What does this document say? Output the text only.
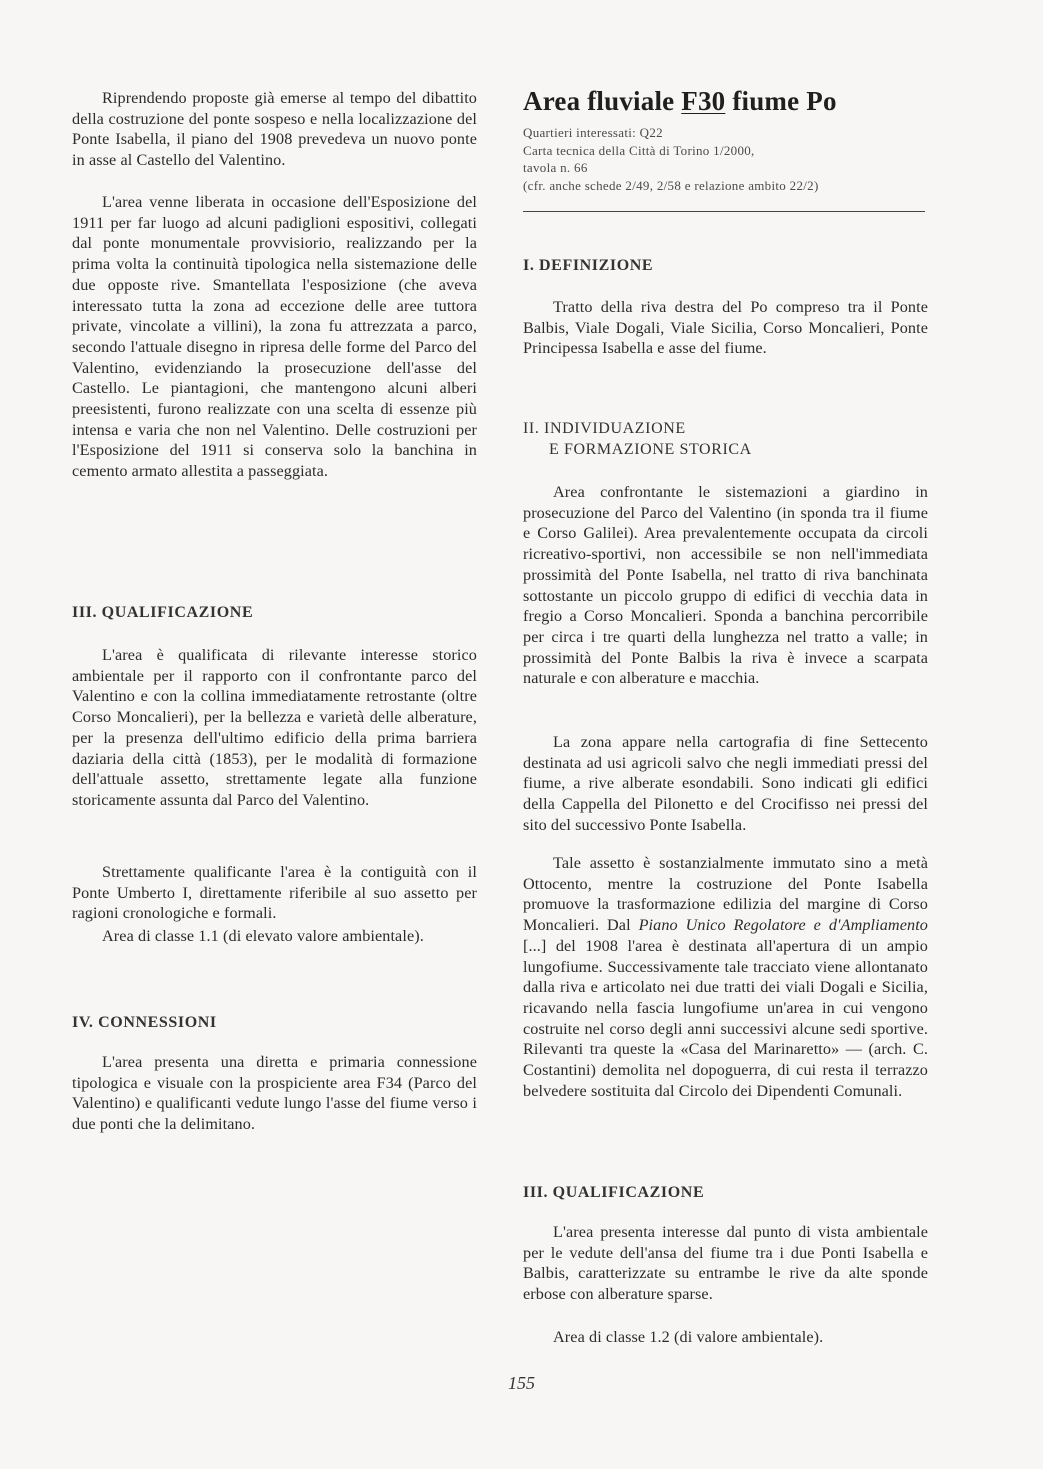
Riprendendo proposte già emerse al tempo del dibattito della costruzione del ponte sospeso e nella localizzazione del Ponte Isabella, il piano del 1908 prevedeva un nuovo ponte in asse al Castello del Valentino.

L'area venne liberata in occasione dell'Esposizione del 1911 per far luogo ad alcuni padiglioni espositivi, collegati dal ponte monumentale provvisiorio, realizzando per la prima volta la continuità tipologica nella sistemazione delle due opposte rive. Smantellata l'esposizione (che aveva interessato tutta la zona ad eccezione delle aree tuttora private, vincolate a villini), la zona fu attrezzata a parco, secondo l'attuale disegno in ripresa delle forme del Parco del Valentino, evidenziando la prosecuzione dell'asse del Castello. Le piantagioni, che mantengono alcuni alberi preesistenti, furono realizzate con una scelta di essenze più intensa e varia che non nel Valentino. Delle costruzioni per l'Esposizione del 1911 si conserva solo la banchina in cemento armato allestita a passeggiata.

III. QUALIFICAZIONE

L'area è qualificata di rilevante interesse storico ambientale per il rapporto con il confrontante parco del Valentino e con la collina immediatamente retrostante (oltre Corso Moncalieri), per la bellezza e varietà delle alberature, per la presenza dell'ultimo edificio della prima barriera daziaria della città (1853), per le modalità di formazione dell'attuale assetto, strettamente legate alla funzione storicamente assunta dal Parco del Valentino.

Strettamente qualificante l'area è la contiguità con il Ponte Umberto I, direttamente riferibile al suo assetto per ragioni cronologiche e formali.

Area di classe 1.1 (di elevato valore ambientale).

IV. CONNESSIONI

L'area presenta una diretta e primaria connessione tipologica e visuale con la prospiciente area F34 (Parco del Valentino) e qualificanti vedute lungo l'asse del fiume verso i due ponti che la delimitano.

Area fluviale F30 fiume Po

Quartieri interessati: Q22

Carta tecnica della Città di Torino 1/2000,

tavola n. 66

(cfr. anche schede 2/49, 2/58 e relazione ambito 22/2)

I. DEFINIZIONE

Tratto della riva destra del Po compreso tra il Ponte Balbis, Viale Dogali, Viale Sicilia, Corso Moncalieri, Ponte Principessa Isabella e asse del fiume.

II. INDIVIDUAZIONE
E FORMAZIONE STORICA

Area confrontante le sistemazioni a giardino in prosecuzione del Parco del Valentino (in sponda tra il fiume e Corso Galilei). Area prevalentemente occupata da circoli ricreativo-sportivi, non accessibile se non nell'immediata prossimità del Ponte Isabella, nel tratto di riva banchinata sottostante un piccolo gruppo di edifici di vecchia data in fregio a Corso Moncalieri. Sponda a banchina percorribile per circa i tre quarti della lunghezza nel tratto a valle; in prossimità del Ponte Balbis la riva è invece a scarpata naturale e con alberature e macchia.

La zona appare nella cartografia di fine Settecento destinata ad usi agricoli salvo che negli immediati pressi del fiume, a rive alberate esondabili. Sono indicati gli edifici della Cappella del Pilonetto e del Crocifisso nei pressi del sito del successivo Ponte Isabella.

Tale assetto è sostanzialmente immutato sino a metà Ottocento, mentre la costruzione del Ponte Isabella promuove la trasformazione edilizia del margine di Corso Moncalieri. Dal Piano Unico Regolatore e d'Ampliamento [...] del 1908 l'area è destinata all'apertura di un ampio lungofiume. Successivamente tale tracciato viene allontanato dalla riva e articolato nei due tratti dei viali Dogali e Sicilia, ricavando nella fascia lungofiume un'area in cui vengono costruite nel corso degli anni successivi alcune sedi sportive. Rilevanti tra queste la «Casa del Marinaretto» — (arch. C. Costantini) demolita nel dopoguerra, di cui resta il terrazzo belvedere sostituita dal Circolo dei Dipendenti Comunali.

III. QUALIFICAZIONE

L'area presenta interesse dal punto di vista ambientale per le vedute dell'ansa del fiume tra i due Ponti Isabella e Balbis, caratterizzate su entrambe le rive da alte sponde erbose con alberature sparse.

Area di classe 1.2 (di valore ambientale).

155
